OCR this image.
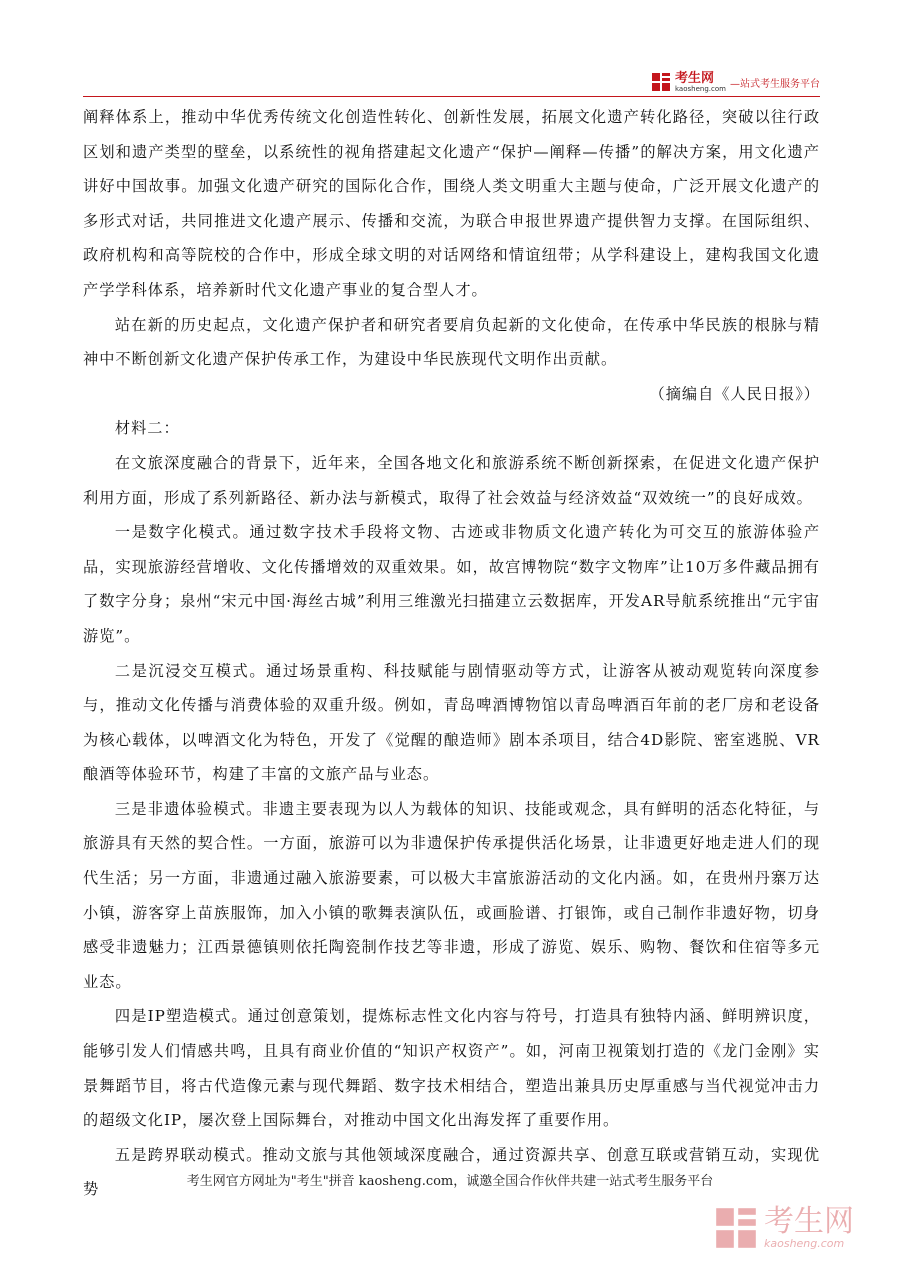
考生网
kaosheng.com —站式考生服务平台

阐释体系上，推动中华优秀传统文化创造性转化、创新性发展，拓展文化遗产转化路径，突破以往行政区划和遗产类型的壁垒，以系统性的视角搭建起文化遗产“保护—阐释—传播”的解决方案，用文化遗产讲好中国故事。加强文化遗产研究的国际化合作，围绕人类文明重大主题与使命，广泛开展文化遗产的多形式对话，共同推进文化遗产展示、传播和交流，为联合申报世界遗产提供智力支撑。在国际组织、政府机构和高等院校的合作中，形成全球文明的对话网络和情谊纽带；从学科建设上，建构我国文化遗产学学科体系，培养新时代文化遗产事业的复合型人才。

站在新的历史起点，文化遗产保护者和研究者要肩负起新的文化使命，在传承中华民族的根脉与精神中不断创新文化遗产保护传承工作，为建设中华民族现代文明作出贡献。

（摘编自《人民日报》）

材料二：

在文旅深度融合的背景下，近年来，全国各地文化和旅游系统不断创新探索，在促进文化遗产保护利用方面，形成了系列新路径、新办法与新模式，取得了社会效益与经济效益“双效统一”的良好成效。

一是数字化模式。通过数字技术手段将文物、古迹或非物质文化遗产转化为可交互的旅游体验产品，实现旅游经营增收、文化传播增效的双重效果。如，故宫博物院“数字文物库”让10万多件藏品拥有了数字分身；泉州“宋元中国·海丝古城”利用三维激光扫描建立云数据库，开发AR导航系统推出“元宇宙游览”。

二是沉浸交互模式。通过场景重构、科技赋能与剧情驱动等方式，让游客从被动观览转向深度参与，推动文化传播与消费体验的双重升级。例如，青岛啤酒博物馆以青岛啤酒百年前的老厂房和老设备为核心载体，以啤酒文化为特色，开发了《觉醒的酿造师》剧本杀项目，结合4D影院、密室逃脱、VR酿酒等体验环节，构建了丰富的文旅产品与业态。

三是非遗体验模式。非遗主要表现为以人为载体的知识、技能或观念，具有鲜明的活态化特征，与旅游具有天然的契合性。一方面，旅游可以为非遗保护传承提供活化场景，让非遗更好地走进人们的现代生活；另一方面，非遗通过融入旅游要素，可以极大丰富旅游活动的文化内涵。如，在贵州丹寨万达小镇，游客穿上苗族服饰，加入小镇的歌舞表演队伍，或画脸谱、打银饰，或自己制作非遗好物，切身感受非遗魅力；江西景德镇则依托陶瓷制作技艺等非遗，形成了游览、娱乐、购物、餐饮和住宿等多元业态。

四是IP塑造模式。通过创意策划，提炼标志性文化内容与符号，打造具有独特内涵、鲜明辨识度，能够引发人们情感共鸣，且具有商业价值的“知识产权资产”。如，河南卫视策划打造的《龙门金刚》实景舞蹈节目，将古代造像元素与现代舞蹈、数字技术相结合，塑造出兼具历史厚重感与当代视觉冲击力的超级文化IP，屡次登上国际舞台，对推动中国文化出海发挥了重要作用。

五是跨界联动模式。推动文旅与其他领域深度融合，通过资源共享、创意互联或营销互动，实现优势	考生网官方网址为"考生"拼音 kaosheng.com，诚邀全国合作伙伴共建一站式考生服务平台
考生网
kaosheng.com
